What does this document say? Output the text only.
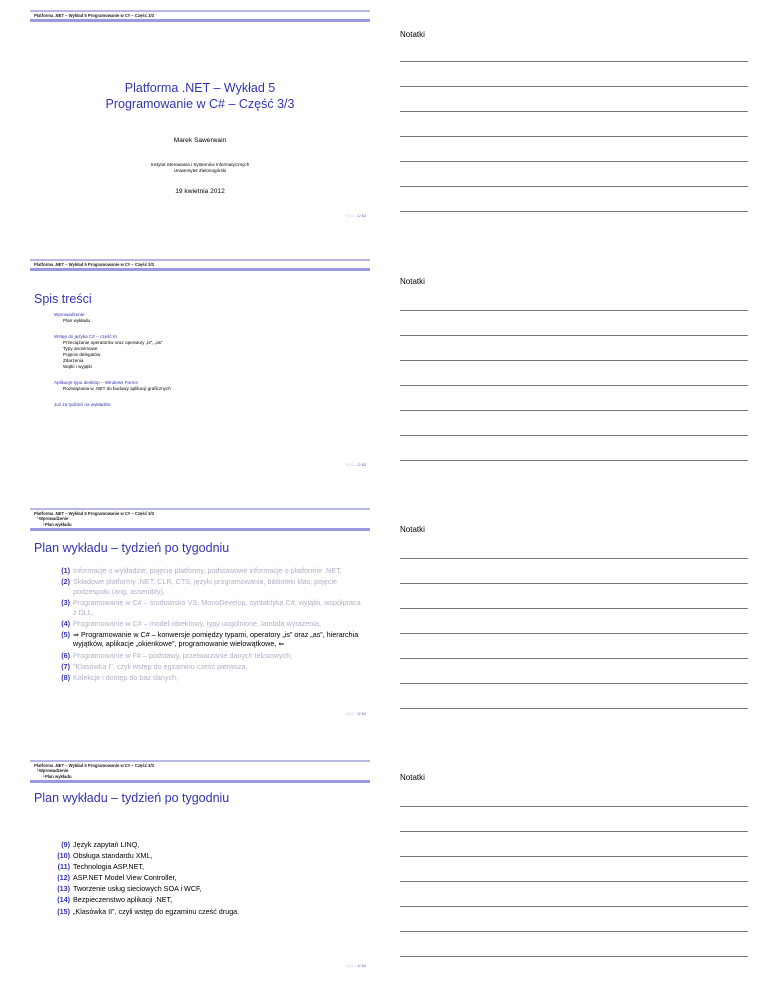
Platforma .NET – Wykład 5 Programowanie w C# – Część 3/3
Platforma .NET – Wykład 5
Programowanie w C# – Część 3/3
Marek Sawerwain
Instytut Sterowania i Systemów Informatycznych
Uniwersytet Zielonogórski
19 kwietnia 2012
V1.0 – 1/ 62
Platforma .NET – Wykład 5 Programowanie w C# – Część 3/3
Spis treści
Wprowadzenie
Plan wykładu
Wstęp do języka C# – część III
Przeciążanie operatorów oraz operatory „is”, „as”
Typy anonimowe
Pojęcie delegatów
Zdarzenia
Wątki i wyjątki
Aplikacje typu desktop – Windows Forms
Rozwiązania w .NET do budowy aplikacji graficznych
Już za tydzień na wykładzie
V1.0 – 2/ 62
Platforma .NET – Wykład 5 Programowanie w C# – Część 3/3
└Wprowadzenie
└Plan wykładu
Plan wykładu – tydzień po tygodniu
(1) Informacje o wykładzie, pojęcie platformy, podstawowe informacje o platformie .NET,
(2) Składowe platformy .NET: CLR, CTS, języki programowania, biblioteki klas, pojęcie podzespołu (ang. assembly),
(3) Programowanie w C# – środowisko VS, MonoDevelop, syntaktyka C#, wyjątki, współpraca z DLL,
(4) Programowanie w C# – model obiektowy, typy uogólnione, lambda wyrażenia,
(5) ⇒ Programowanie w C# – konwersje pomiędzy typami, operatory „is” oraz „as”, hierarchia wyjątków, aplikacje „okienkowe”, programowanie wielowątkowe, ⇐
(6) Programowanie w F# – podstawy, przetwarzanie danych tekstowych,
(7) "Klasówka I", czyli wstęp do egzaminu cześć pierwsza,
(8) Kolekcje i dostęp do baz danych,
V1.0 – 3/ 62
Platforma .NET – Wykład 5 Programowanie w C# – Część 3/3
└Wprowadzenie
└Plan wykładu
Plan wykładu – tydzień po tygodniu
(9) Język zapytań LINQ,
(10) Obsługa standardu XML,
(11) Technologia ASP.NET,
(12) ASP.NET Model View Controller,
(13) Tworzenie usług sieciowych SOA i WCF,
(14) Bezpieczenstwo aplikacji .NET,
(15) „Klasówka II”, czyli wstęp do egzaminu cześć druga.
V1.0 – 4/ 62
Notatki
Notatki
Notatki
Notatki
